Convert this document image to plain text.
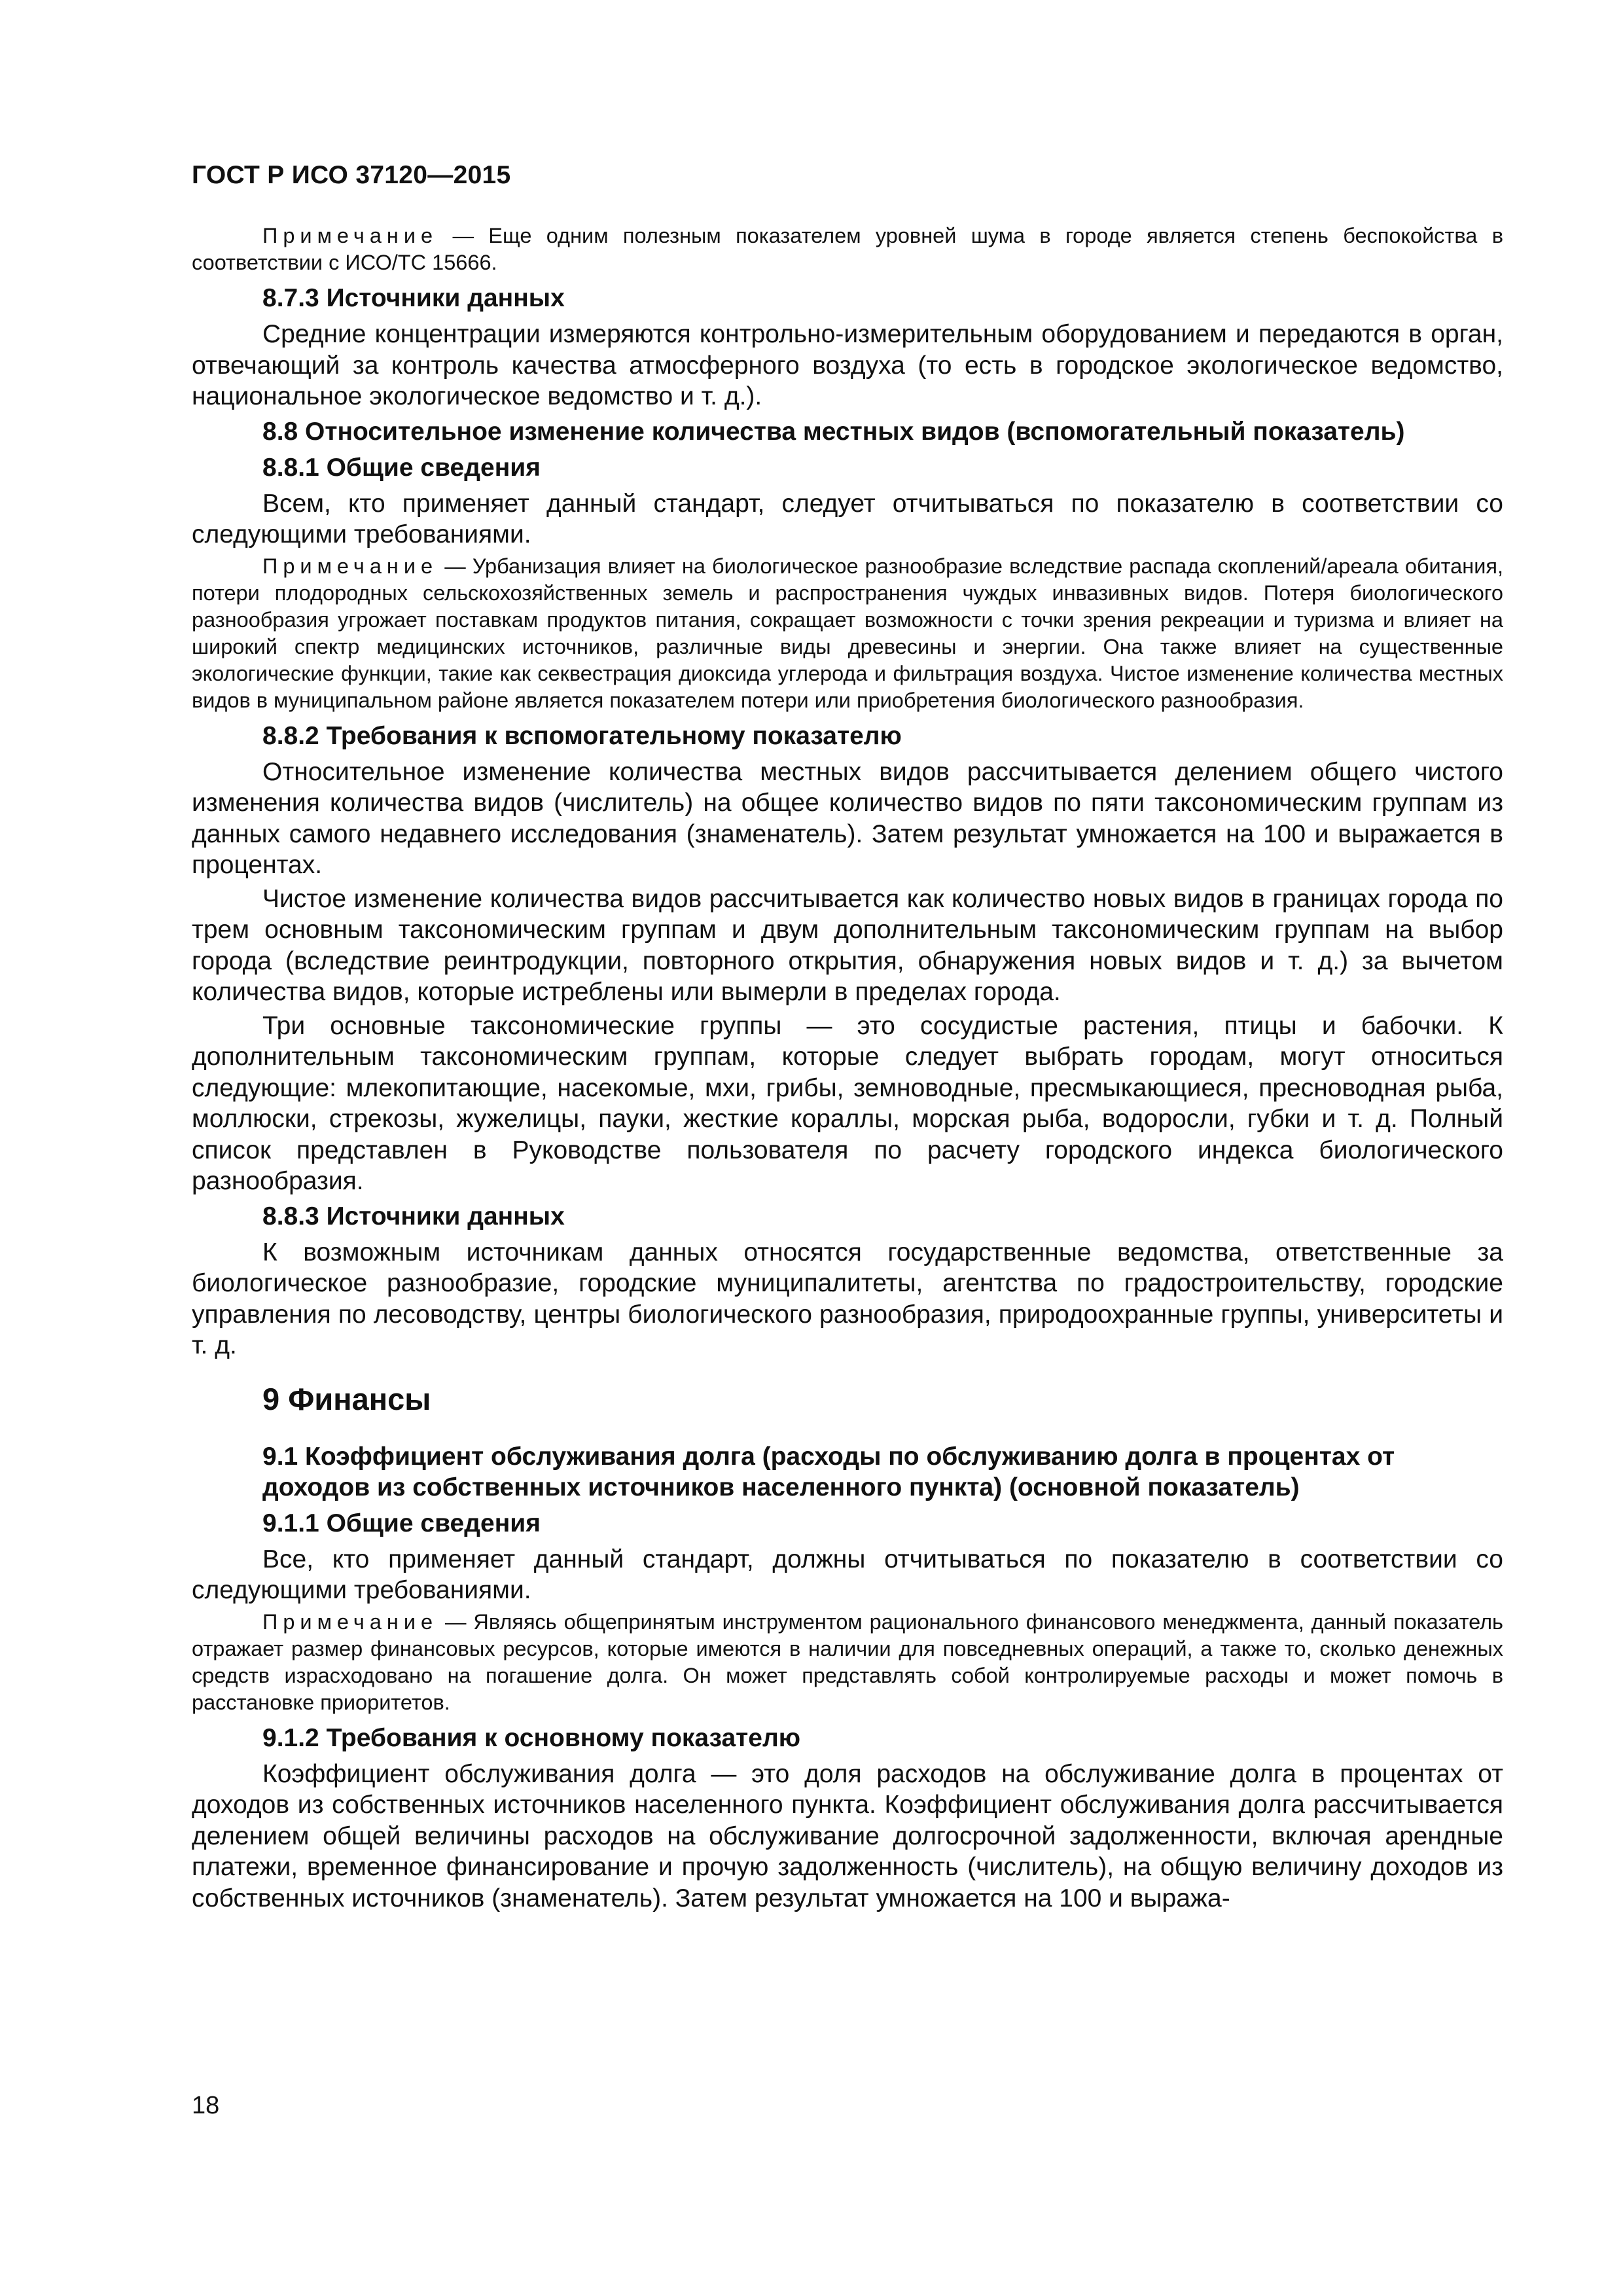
ГОСТ Р ИСО 37120—2015

Примечание — Еще одним полезным показателем уровней шума в городе является степень беспокойства в соответствии с ИСО/ТС 15666.

8.7.3 Источники данных

Средние концентрации измеряются контрольно-измерительным оборудованием и передаются в орган, отвечающий за контроль качества атмосферного воздуха (то есть в городское экологическое ведомство, национальное экологическое ведомство и т. д.).

8.8 Относительное изменение количества местных видов (вспомогательный показатель)
8.8.1 Общие сведения

Всем, кто применяет данный стандарт, следует отчитываться по показателю в соответствии со следующими требованиями.

Примечание — Урбанизация влияет на биологическое разнообразие вследствие распада скоплений/ареала обитания, потери плодородных сельскохозяйственных земель и распространения чуждых инвазивных видов. Потеря биологического разнообразия угрожает поставкам продуктов питания, сокращает возможности с точки зрения рекреации и туризма и влияет на широкий спектр медицинских источников, различные виды древесины и энергии. Она также влияет на существенные экологические функции, такие как секвестрация диоксида углерода и фильтрация воздуха. Чистое изменение количества местных видов в муниципальном районе является показателем потери или приобретения биологического разнообразия.

8.8.2 Требования к вспомогательному показателю

Относительное изменение количества местных видов рассчитывается делением общего чистого изменения количества видов (числитель) на общее количество видов по пяти таксономическим группам из данных самого недавнего исследования (знаменатель). Затем результат умножается на 100 и выражается в процентах.

Чистое изменение количества видов рассчитывается как количество новых видов в границах города по трем основным таксономическим группам и двум дополнительным таксономическим группам на выбор города (вследствие реинтродукции, повторного открытия, обнаружения новых видов и т. д.) за вычетом количества видов, которые истреблены или вымерли в пределах города.

Три основные таксономические группы — это сосудистые растения, птицы и бабочки. К дополнительным таксономическим группам, которые следует выбрать городам, могут относиться следующие: млекопитающие, насекомые, мхи, грибы, земноводные, пресмыкающиеся, пресноводная рыба, моллюски, стрекозы, жужелицы, пауки, жесткие кораллы, морская рыба, водоросли, губки и т. д. Полный список представлен в Руководстве пользователя по расчету городского индекса биологического разнообразия.

8.8.3 Источники данных

К возможным источникам данных относятся государственные ведомства, ответственные за биологическое разнообразие, городские муниципалитеты, агентства по градостроительству, городские управления по лесоводству, центры биологического разнообразия, природоохранные группы, университеты и т. д.

9 Финансы
9.1 Коэффициент обслуживания долга (расходы по обслуживанию долга в процентах от доходов из собственных источников населенного пункта) (основной показатель)
9.1.1 Общие сведения

Все, кто применяет данный стандарт, должны отчитываться по показателю в соответствии со следующими требованиями.

Примечание — Являясь общепринятым инструментом рационального финансового менеджмента, данный показатель отражает размер финансовых ресурсов, которые имеются в наличии для повседневных операций, а также то, сколько денежных средств израсходовано на погашение долга. Он может представлять собой контролируемые расходы и может помочь в расстановке приоритетов.

9.1.2 Требования к основному показателю

Коэффициент обслуживания долга — это доля расходов на обслуживание долга в процентах от доходов из собственных источников населенного пункта. Коэффициент обслуживания долга рассчитывается делением общей величины расходов на обслуживание долгосрочной задолженности, включая арендные платежи, временное финансирование и прочую задолженность (числитель), на общую величину доходов из собственных источников (знаменатель). Затем результат умножается на 100 и выража-

18
